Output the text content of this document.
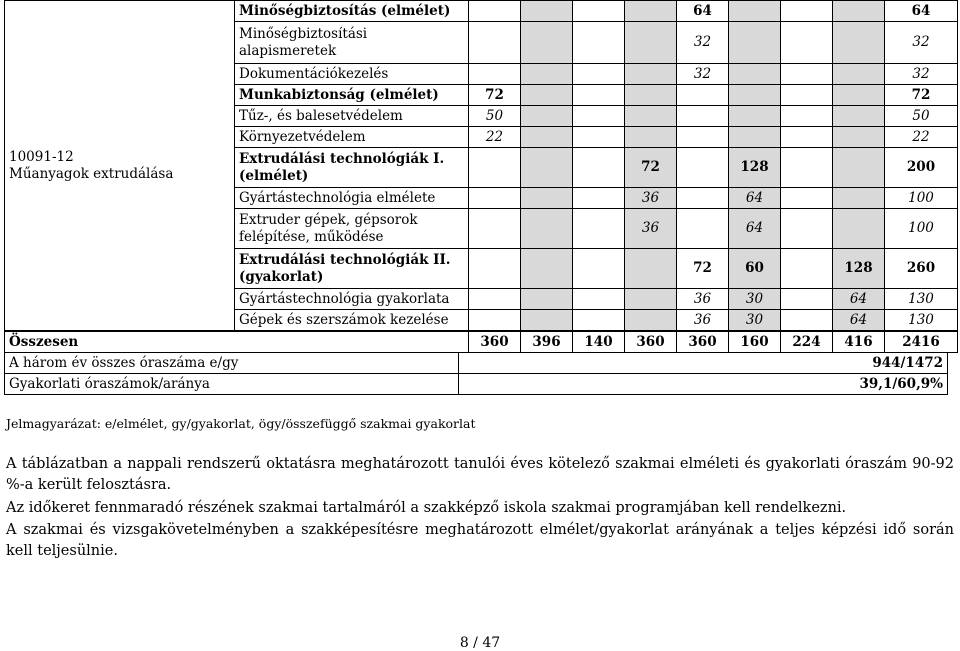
10091-12
Műanyagok extrudálása	Minőségbiztosítás (elmélet)					64				64
	Minőségbiztosítási alapismeretek					32				32
	Dokumentációkezelés					32				32
	Munkabiztonság (elmélet)	72								72
	Tűz-, és balesetvédelem	50								50
	Környezetvédelem	22								22
	Extrudálási technológiák I. (elmélet)				72		128			200
	Gyártástechnológia elmélete				36		64			100
	Extruder gépek, gépsorok felépítése, működése				36		64			100
	Extrudálási technológiák II. (gyakorlat)					72	60		128	260
	Gyártástechnológia gyakorlata					36	30		64	130
	Gépek és szerszámok kezelése					36	30		64	130
Összesen	360	396	140	360	360	160	224	416	2416
A három év összes óraszáma e/gy	944/1472
Gyakorlati óraszámok/aránya	39,1/60,9%
Jelmagyarázat: e/elmélet, gy/gyakorlat, ögy/összefüggő szakmai gyakorlat
A táblázatban a nappali rendszerű oktatásra meghatározott tanulói éves kötelező szakmai elméleti és gyakorlati óraszám 90-92 %-a került felosztásra.
Az időkeret fennmaradó részének szakmai tartalmáról a szakképző iskola szakmai programjában kell rendelkezni.
A szakmai és vizsgakövetelményben a szakképesítésre meghatározott elmélet/gyakorlat arányának a teljes képzési idő során kell teljesülnie.
8 / 47
